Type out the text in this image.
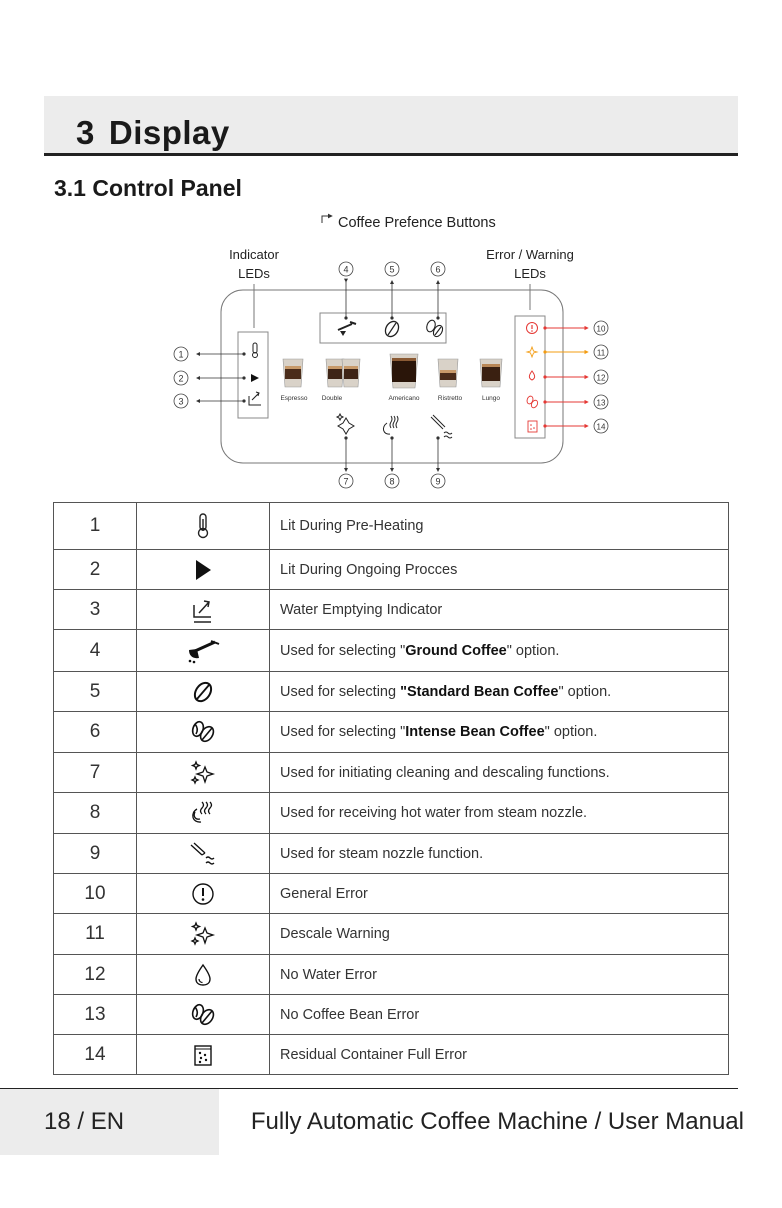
3 Display
3.1 Control Panel
Coffee Prefence Buttons
Indicator
LEDs
Error / Warning
LEDs
1
2
3
4	5	6
Espresso Double	Americano	Ristretto	Lungo
7	8	9
10
11
12
13
14
1		Lit During Pre-Heating
2		Lit During Ongoing Procces
3		Water Emptying Indicator
4		Used for selecting "Ground Coffee" option.
5		Used for selecting "Standard Bean Coffee" option.
6		Used for selecting "Intense Bean Coffee" option.
7		Used for initiating cleaning and descaling functions.
8		Used for receiving hot water from steam nozzle.
9		Used for steam nozzle function.
10		General Error
11		Descale Warning
12		No Water Error
13		No Coffee Bean Error
14		Residual Container Full Error
18 / EN	Fully Automatic Coffee Machine / User Manual
